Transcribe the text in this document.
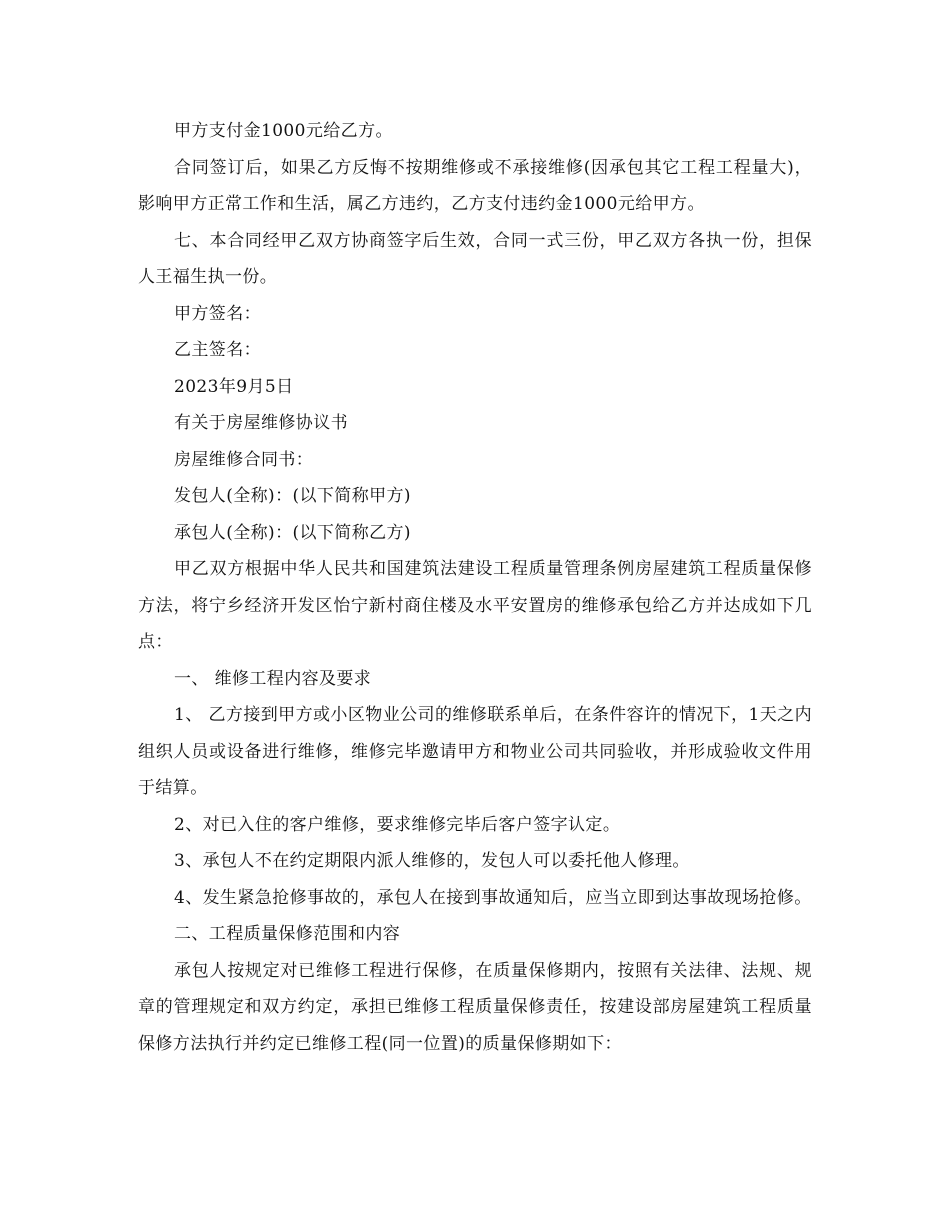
甲方支付金1000元给乙方。

合同签订后，如果乙方反悔不按期维修或不承接维修(因承包其它工程工程量大)，影响甲方正常工作和生活，属乙方违约，乙方支付违约金1000元给甲方。

七、本合同经甲乙双方协商签字后生效，合同一式三份，甲乙双方各执一份，担保人王福生执一份。

甲方签名：

乙主签名：

2023年9月5日

有关于房屋维修协议书

房屋维修合同书：

发包人(全称)：(以下简称甲方)

承包人(全称)：(以下简称乙方)

甲乙双方根据中华人民共和国建筑法建设工程质量管理条例房屋建筑工程质量保修方法，将宁乡经济开发区怡宁新村商住楼及水平安置房的维修承包给乙方并达成如下几点：

一、 维修工程内容及要求

1、 乙方接到甲方或小区物业公司的维修联系单后，在条件容许的情况下，1天之内组织人员或设备进行维修，维修完毕邀请甲方和物业公司共同验收，并形成验收文件用于结算。

2、对已入住的客户维修，要求维修完毕后客户签字认定。

3、承包人不在约定期限内派人维修的，发包人可以委托他人修理。

4、发生紧急抢修事故的，承包人在接到事故通知后，应当立即到达事故现场抢修。

二、工程质量保修范围和内容

承包人按规定对已维修工程进行保修，在质量保修期内，按照有关法律、法规、规章的管理规定和双方约定，承担已维修工程质量保修责任，按建设部房屋建筑工程质量保修方法执行并约定已维修工程(同一位置)的质量保修期如下：
